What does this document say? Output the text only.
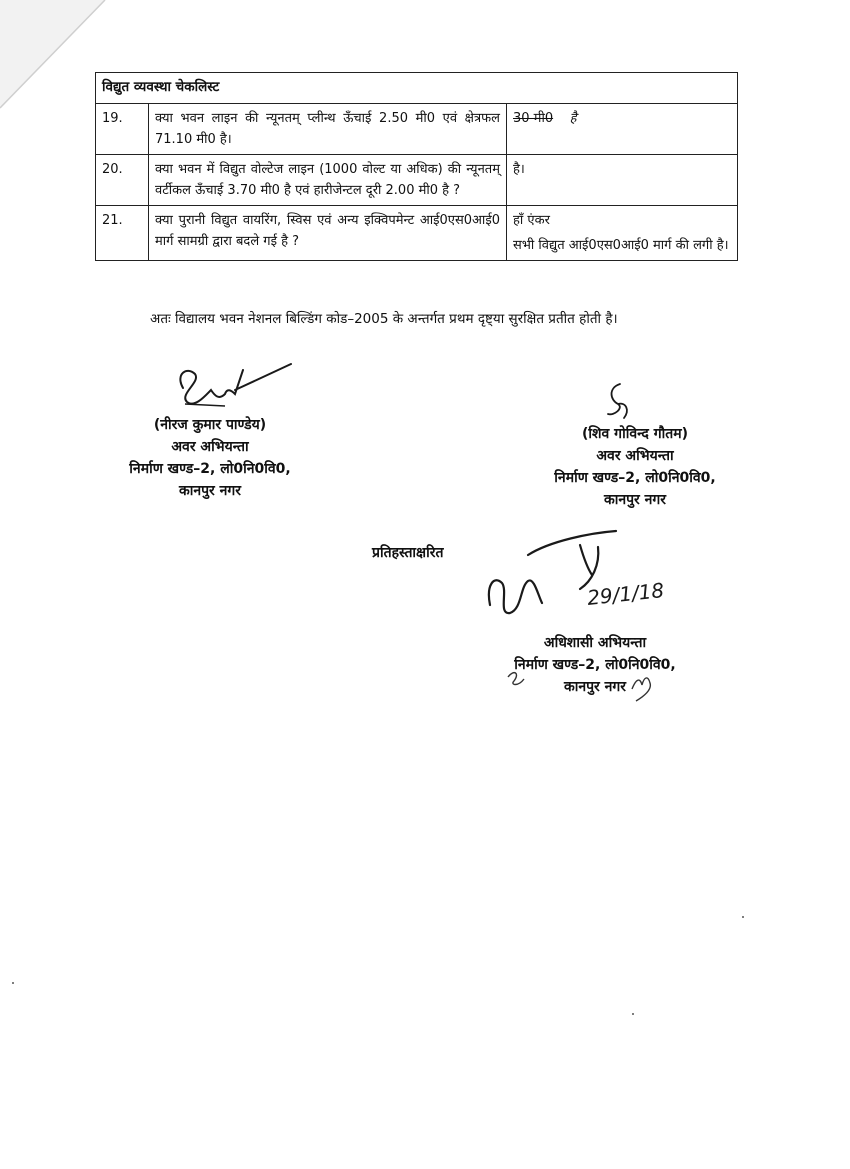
विद्युत व्यवस्था चेकलिस्ट		
19.	क्या भवन लाइन की न्यूनतम् प्लीन्थ ऊँचाई 2.50 मी0 एवं क्षेत्रफल 71.10 मी0 है।	30 मी0 है
20.	क्या भवन में विद्युत वोल्टेज लाइन (1000 वोल्ट या अधिक) की न्यूनतम् वर्टीकल ऊँचाई 3.70 मी0 है एवं हारीजेन्टल दूरी 2.00 मी0 है ?	है।
21.	क्या पुरानी विद्युत वायरिंग, स्विस एवं अन्य इक्विपमेन्ट आई0एस0आई0 मार्ग सामग्री द्वारा बदले गई है ?	हाँ एंकर
सभी विद्युत आई0एस0आई0 मार्ग की लगी है।
अतः विद्यालय भवन नेशनल बिल्डिंग कोड–2005 के अन्तर्गत प्रथम दृष्ट्या सुरक्षित प्रतीत होती है।
(नीरज कुमार पाण्डेय)
अवर अभियन्ता
निर्माण खण्ड–2, लो0नि0वि0,
कानपुर नगर
(शिव गोविन्द गौतम)
अवर अभियन्ता
निर्माण खण्ड–2, लो0नि0वि0,
कानपुर नगर
प्रतिहस्ताक्षरित
29/1/18
अधिशासी अभियन्ता
निर्माण खण्ड–2, लो0नि0वि0,
कानपुर नगर
